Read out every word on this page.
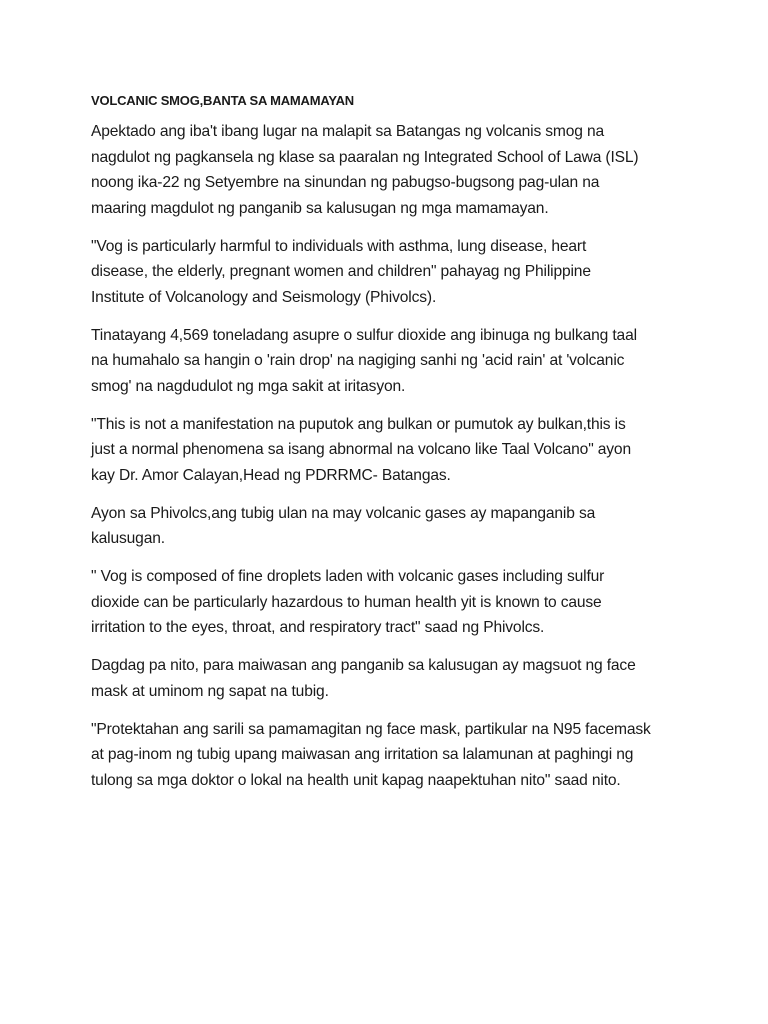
VOLCANIC SMOG,BANTA SA MAMAMAYAN

Apektado ang iba't ibang lugar na malapit sa Batangas ng volcanis smog na
nagdulot ng pagkansela ng klase sa paaralan ng Integrated School of Lawa (ISL)
noong ika-22 ng Setyembre na sinundan ng pabugso-bugsong pag-ulan na
maaring magdulot ng panganib sa kalusugan ng mga mamamayan.

"Vog is particularly harmful to individuals with asthma, lung disease, heart
disease, the elderly, pregnant women and children" pahayag ng Philippine
Institute of Volcanology and Seismology (Phivolcs).

Tinatayang 4,569 toneladang asupre o sulfur dioxide ang ibinuga ng bulkang taal
na humahalo sa hangin o 'rain drop' na nagiging sanhi ng 'acid rain' at 'volcanic
smog' na nagdudulot ng mga sakit at iritasyon.

"This is not a manifestation na puputok ang bulkan or pumutok ay bulkan,this is
just a normal phenomena sa isang abnormal na volcano like Taal Volcano" ayon
kay Dr. Amor Calayan,Head ng PDRRMC- Batangas.

Ayon sa Phivolcs,ang tubig ulan na may volcanic gases ay mapanganib sa
kalusugan.

" Vog is composed of fine droplets laden with volcanic gases including sulfur
dioxide can be particularly hazardous to human health yit is known to cause
irritation to the eyes, throat, and respiratory tract" saad ng Phivolcs.

Dagdag pa nito, para maiwasan ang panganib sa kalusugan ay magsuot ng face
mask at uminom ng sapat na tubig.

"Protektahan ang sarili sa pamamagitan ng face mask, partikular na N95 facemask
at pag-inom ng tubig upang maiwasan ang irritation sa lalamunan at paghingi ng
tulong sa mga doktor o lokal na health unit kapag naapektuhan nito" saad nito.
